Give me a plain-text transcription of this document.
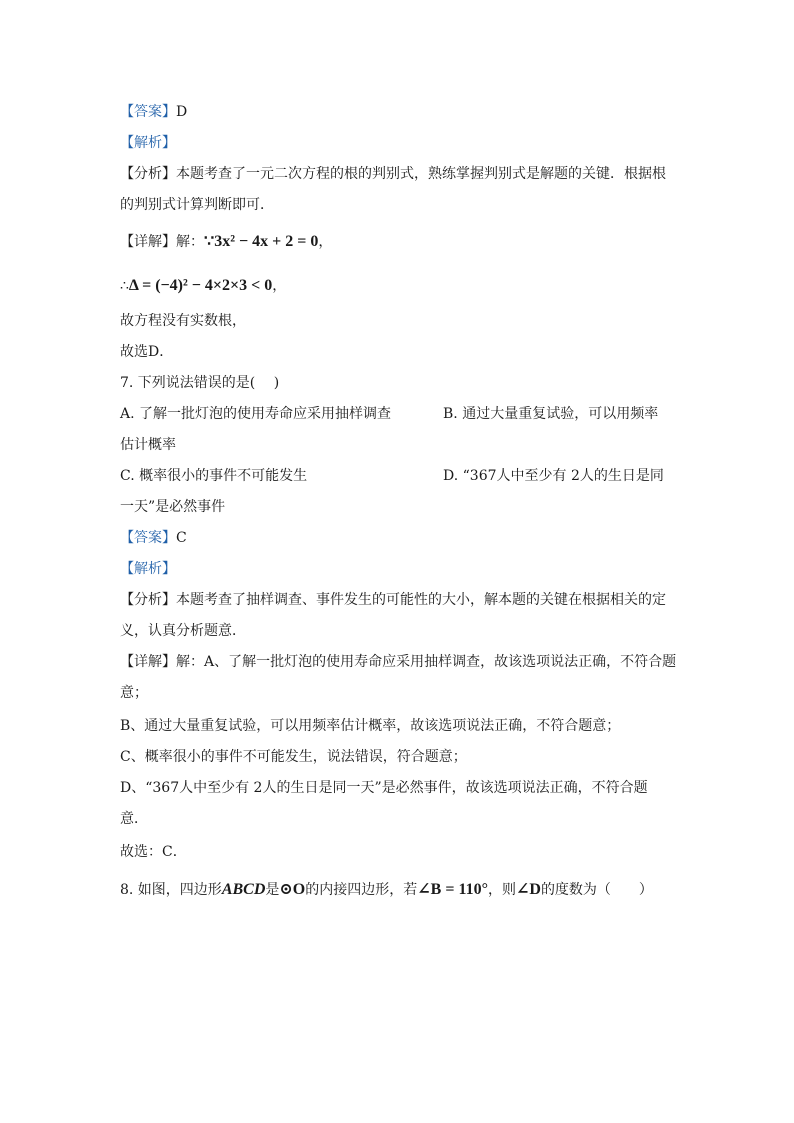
【答案】D
【解析】
【分析】本题考查了一元二次方程的根的判别式，熟练掌握判别式是解题的关键．根据根
的判别式计算判断即可．
【详解】解：∵3x² − 4x + 2 = 0，
∴Δ = (−4)² − 4×2×3 < 0，
故方程没有实数根，
故选D．
7. 下列说法错误的是(　 )
A. 了解一批灯泡的使用寿命应采用抽样调查	B. 通过大量重复试验，可以用频率
估计概率
C. 概率很小的事件不可能发生	D. “367人中至少有 2人的生日是同
一天”是必然事件
【答案】C
【解析】
【分析】本题考查了抽样调查、事件发生的可能性的大小，解本题的关键在根据相关的定
义，认真分析题意．
【详解】解：A、了解一批灯泡的使用寿命应采用抽样调查，故该选项说法正确，不符合题
意；
B、通过大量重复试验，可以用频率估计概率，故该选项说法正确，不符合题意；
C、概率很小的事件不可能发生，说法错误，符合题意；
D、“367人中至少有 2人的生日是同一天”是必然事件，故该选项说法正确，不符合题
意．
故选：C．
8. 如图，四边形ABCD是⊙O的内接四边形，若∠B = 110°，则∠D的度数为（　　）
